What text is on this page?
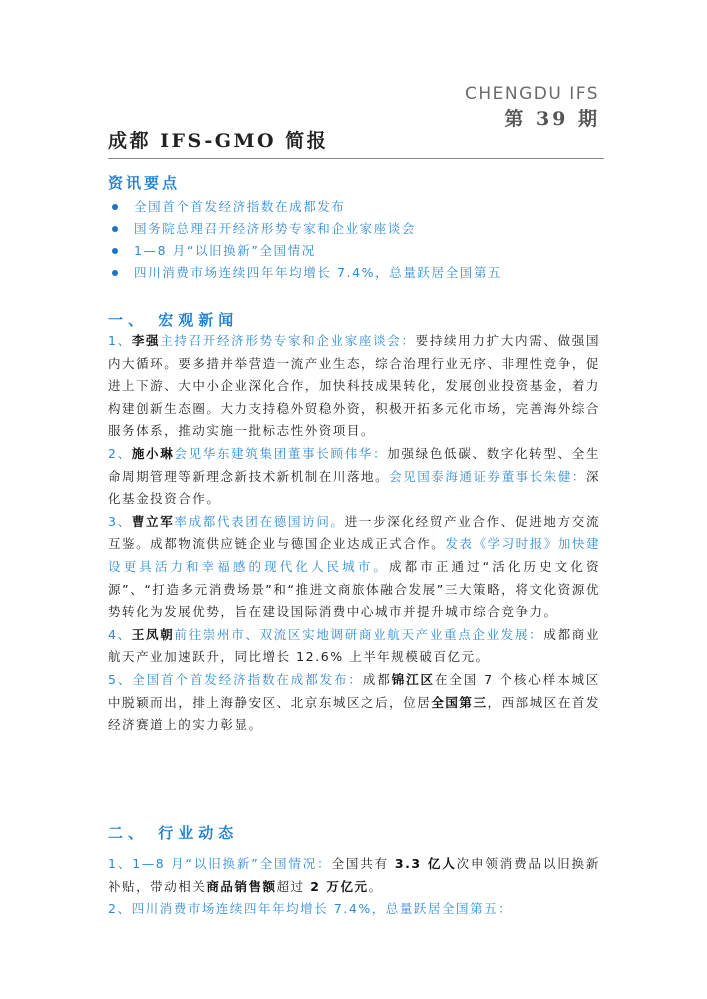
CHENGDU IFS
第 39 期
成都 IFS-GMO 简报
资讯要点
全国首个首发经济指数在成都发布
国务院总理召开经济形势专家和企业家座谈会
1—8 月“以旧换新”全国情况
四川消费市场连续四年年均增长 7.4%，总量跃居全国第五
一、 宏观新闻

1、李强主持召开经济形势专家和企业家座谈会：要持续用力扩大内需、做强国内大循环。要多措并举营造一流产业生态，综合治理行业无序、非理性竞争，促进上下游、大中小企业深化合作，加快科技成果转化，发展创业投资基金，着力构建创新生态圈。大力支持稳外贸稳外资，积极开拓多元化市场，完善海外综合服务体系，推动实施一批标志性外资项目。

2、施小琳会见华东建筑集团董事长顾伟华：加强绿色低碳、数字化转型、全生命周期管理等新理念新技术新机制在川落地。会见国泰海通证券董事长朱健：深化基金投资合作。

3、曹立军率成都代表团在德国访问。进一步深化经贸产业合作、促进地方交流互鉴。成都物流供应链企业与德国企业达成正式合作。发表《学习时报》加快建设更具活力和幸福感的现代化人民城市。成都市正通过“活化历史文化资源”、“打造多元消费场景”和“推进文商旅体融合发展”三大策略，将文化资源优势转化为发展优势，旨在建设国际消费中心城市并提升城市综合竞争力。

4、王凤朝前往崇州市、双流区实地调研商业航天产业重点企业发展：成都商业航天产业加速跃升，同比增长 12.6% 上半年规模破百亿元。

5、全国首个首发经济指数在成都发布：成都锦江区在全国 7 个核心样本城区中脱颖而出，排上海静安区、北京东城区之后，位居全国第三，西部城区在首发经济赛道上的实力彰显。

二、 行业动态

1、1—8 月“以旧换新”全国情况：全国共有 3.3 亿人次申领消费品以旧换新补贴，带动相关商品销售额超过 2 万亿元。

2、四川消费市场连续四年年均增长 7.4%，总量跃居全国第五：
